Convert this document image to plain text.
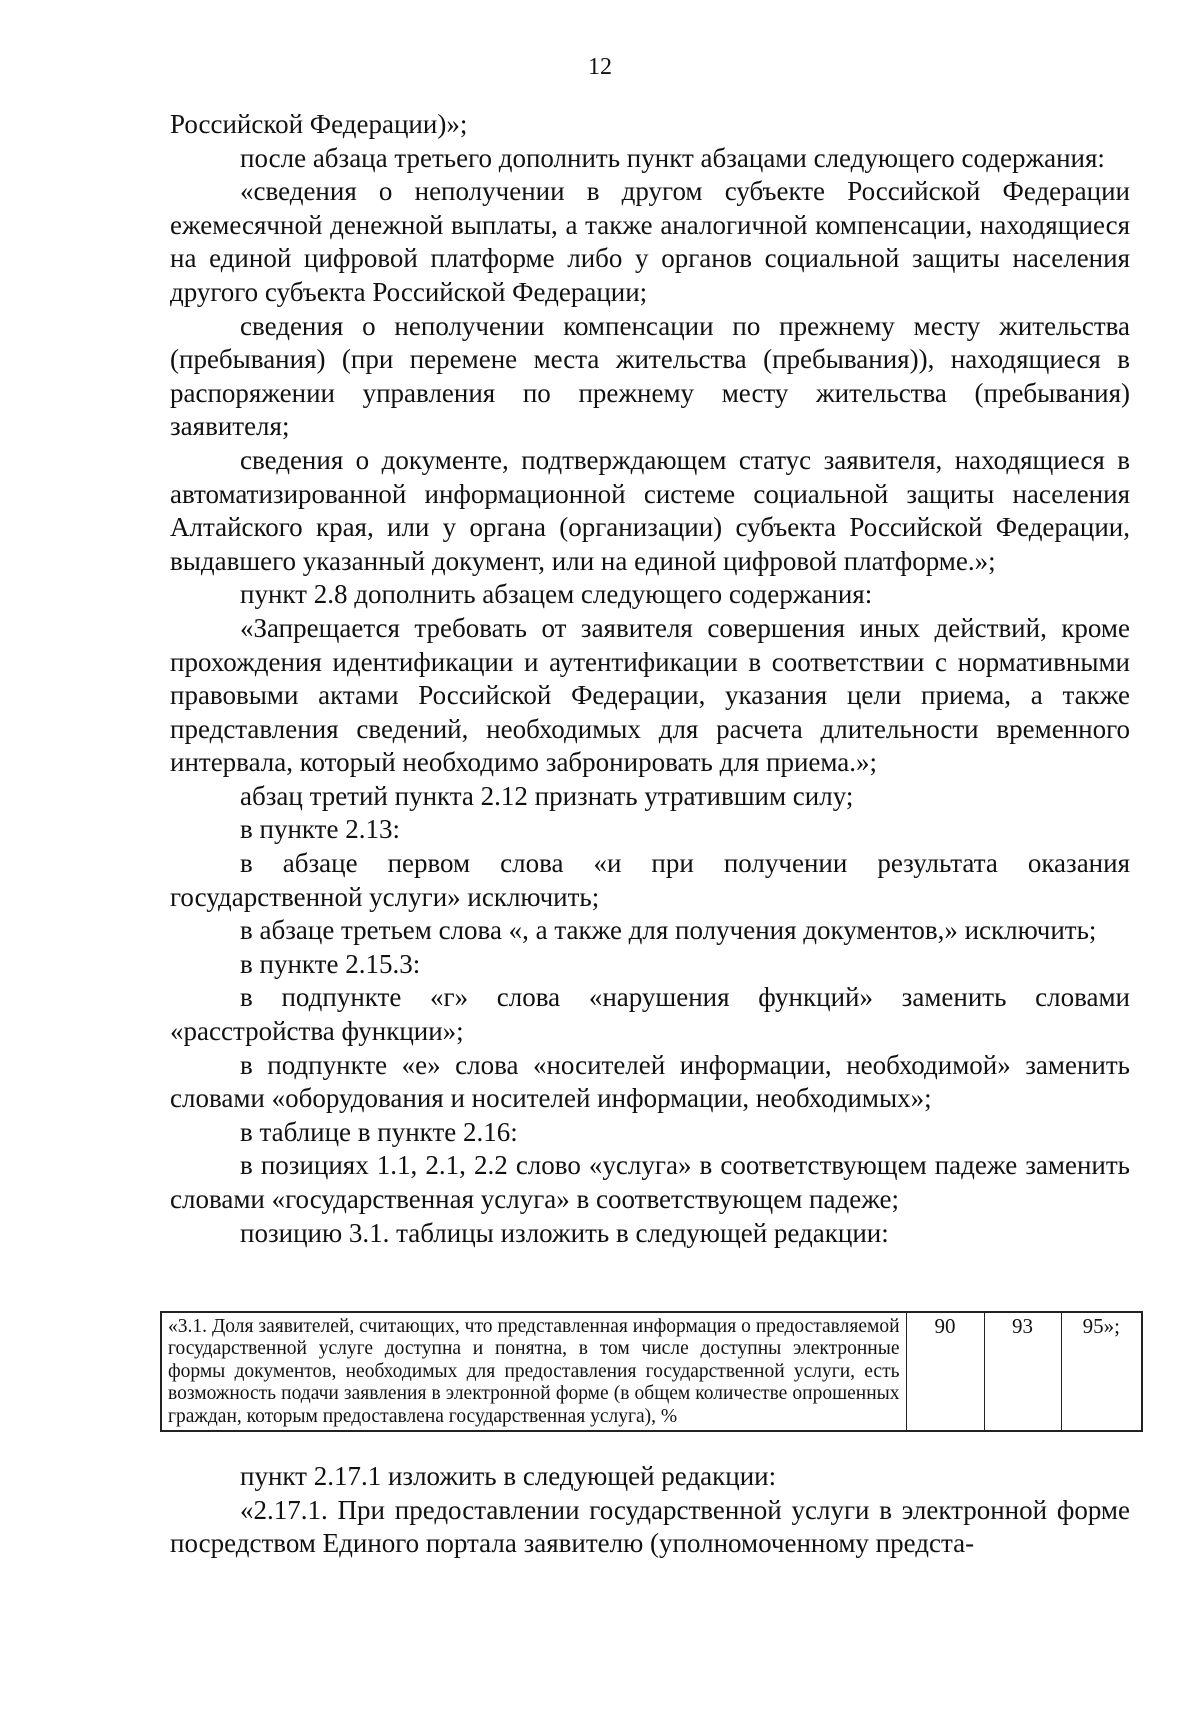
12

Российской Федерации)»;

после абзаца третьего дополнить пункт абзацами следующего содержания:

«сведения о неполучении в другом субъекте Российской Федерации ежемесячной денежной выплаты, а также аналогичной компенсации, находящиеся на единой цифровой платформе либо у органов социальной защиты населения другого субъекта Российской Федерации;

сведения о неполучении компенсации по прежнему месту жительства (пребывания) (при перемене места жительства (пребывания)), находящиеся в распоряжении управления по прежнему месту жительства (пребывания) заявителя;

сведения о документе, подтверждающем статус заявителя, находящиеся в автоматизированной информационной системе социальной защиты населения Алтайского края, или у органа (организации) субъекта Российской Федерации, выдавшего указанный документ, или на единой цифровой платформе.»;

пункт 2.8 дополнить абзацем следующего содержания:

«Запрещается требовать от заявителя совершения иных действий, кроме прохождения идентификации и аутентификации в соответствии с нормативными правовыми актами Российской Федерации, указания цели приема, а также представления сведений, необходимых для расчета длительности временного интервала, который необходимо забронировать для приема.»;

абзац третий пункта 2.12 признать утратившим силу;

в пункте 2.13:

в абзаце первом слова «и при получении результата оказания государственной услуги» исключить;

в абзаце третьем слова «, а также для получения документов,» исключить;

в пункте 2.15.3:

в подпункте «г» слова «нарушения функций» заменить словами «расстройства функции»;

в подпункте «е» слова «носителей информации, необходимой» заменить словами «оборудования и носителей информации, необходимых»;

в таблице в пункте 2.16:

в позициях 1.1, 2.1, 2.2 слово «услуга» в соответствующем падеже заменить словами «государственная услуга» в соответствующем падеже;

позицию 3.1. таблицы изложить в следующей редакции:

«3.1. Доля заявителей, считающих, что представленная информация о предоставляемой государственной услуге доступна и понятна, в том числе доступны электронные формы документов, необходимых для предоставления государственной услуги, есть возможность подачи заявления в электронной форме (в общем количестве опрошенных граждан, которым предоставлена государственная услуга), %	90	93	95»;

пункт 2.17.1 изложить в следующей редакции:

«2.17.1. При предоставлении государственной услуги в электронной форме посредством Единого портала заявителю (уполномоченному предста-
